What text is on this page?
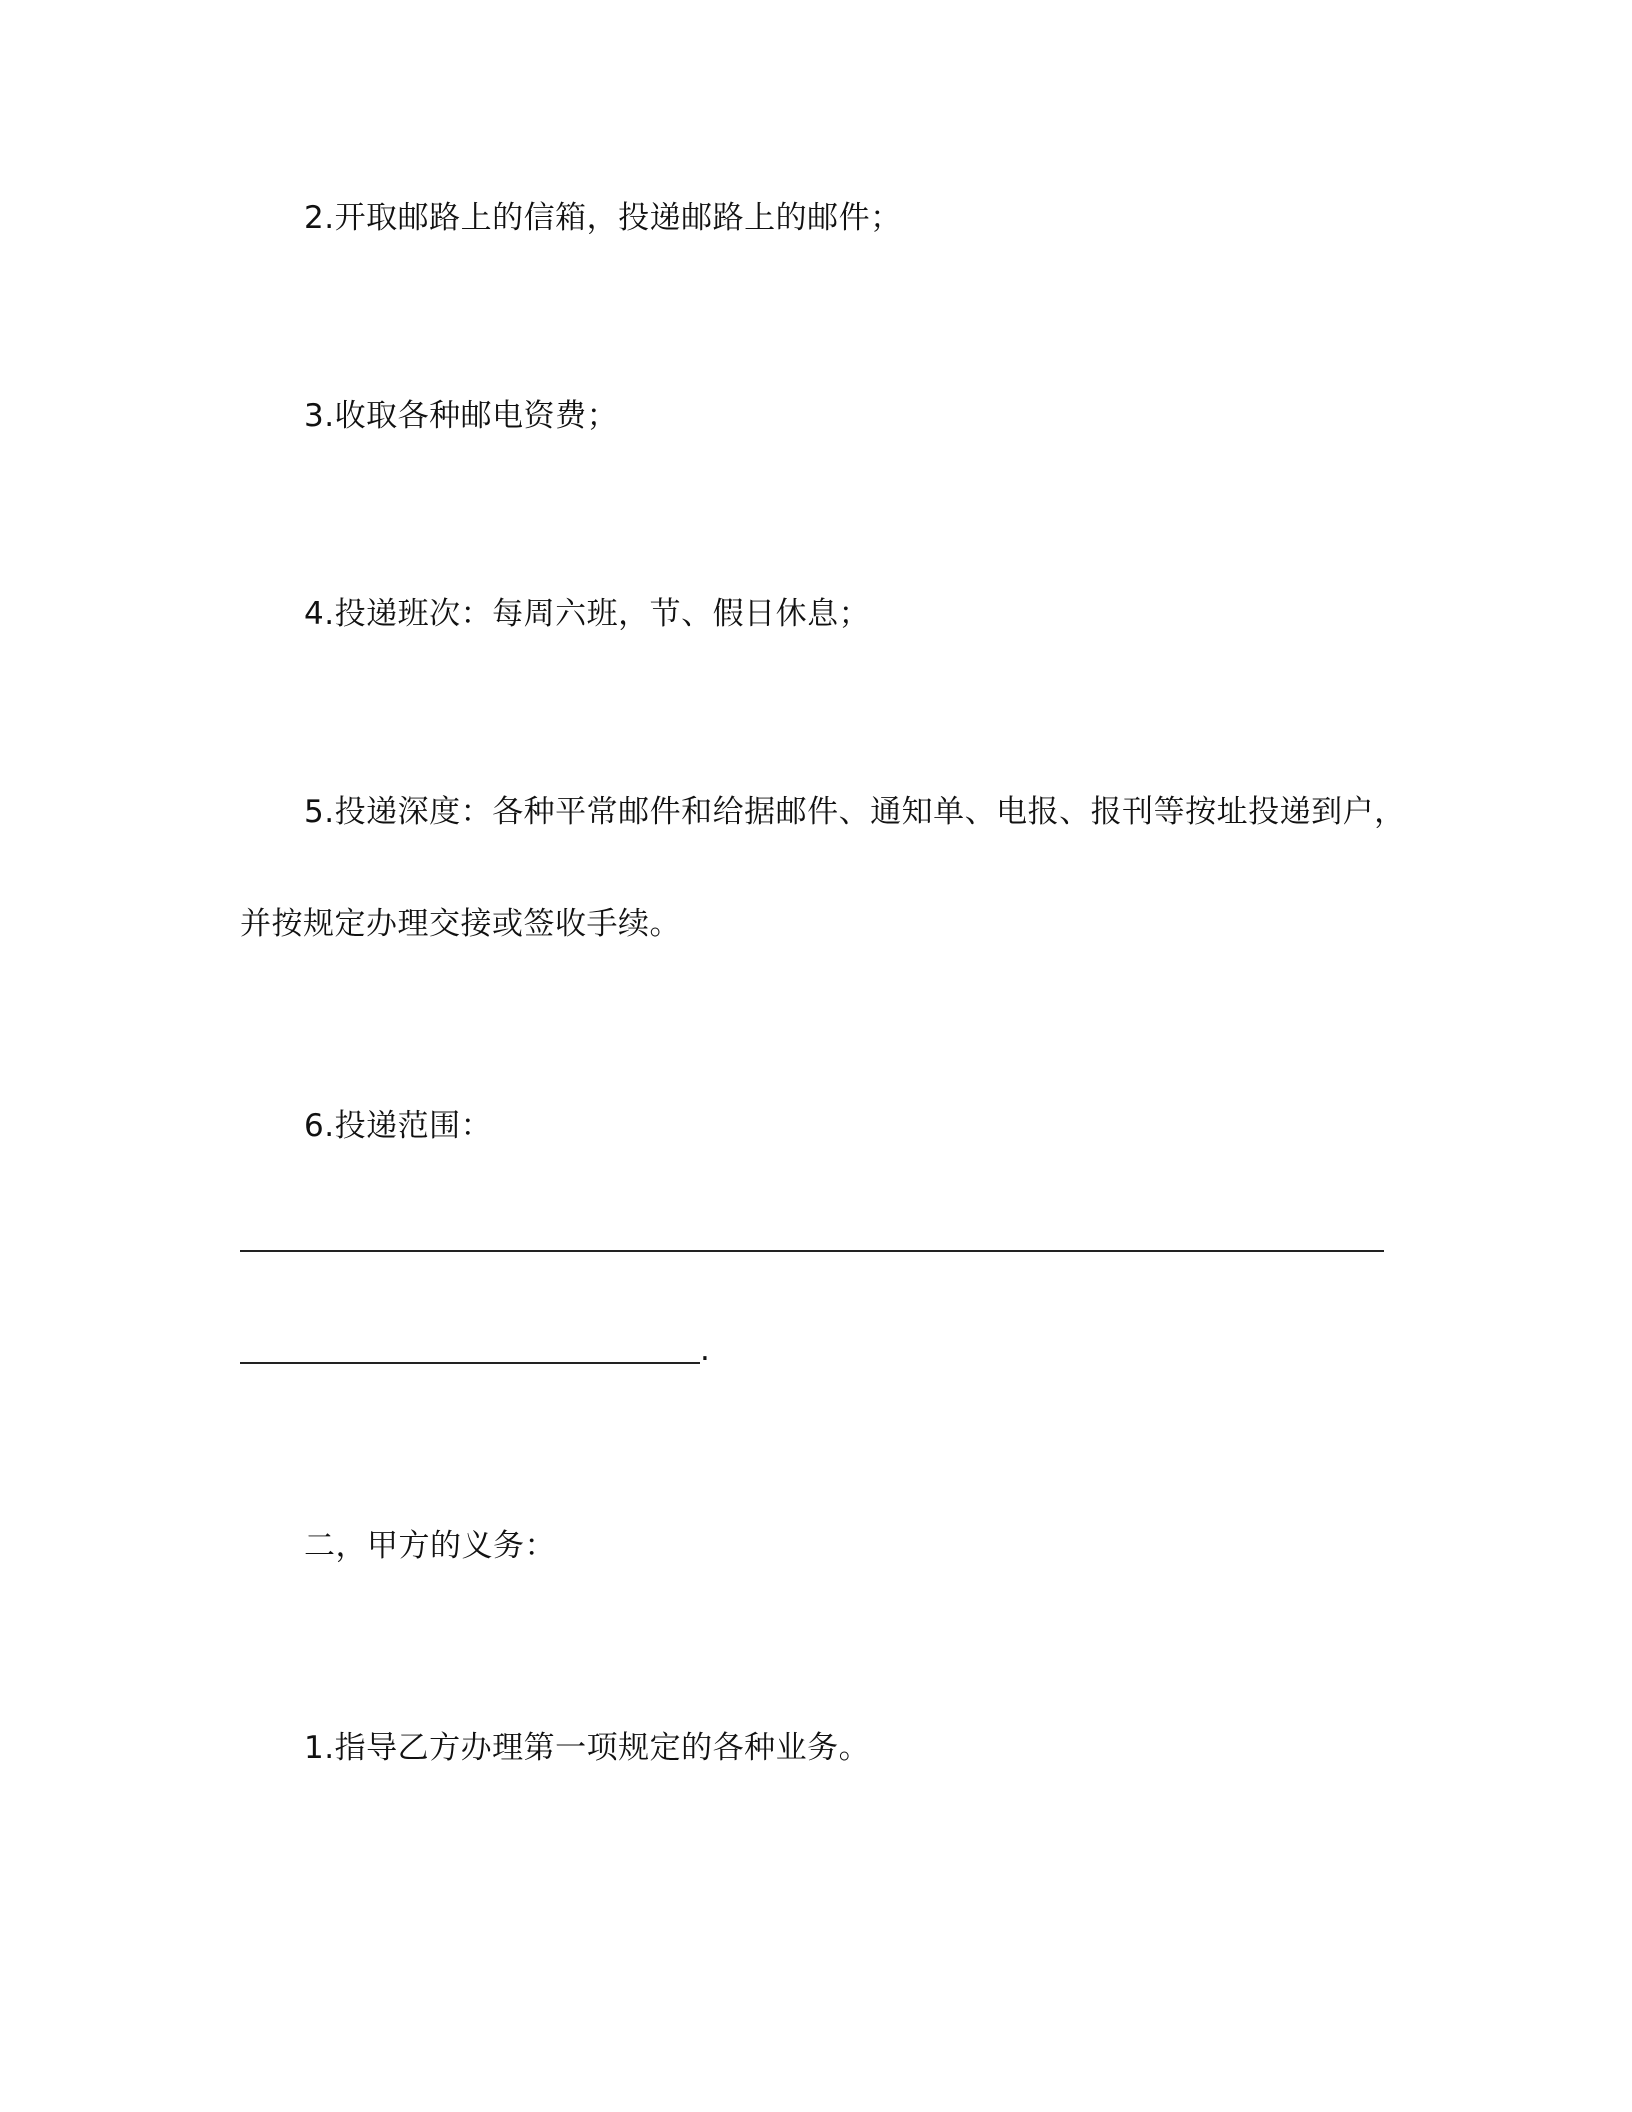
2.开取邮路上的信箱，投递邮路上的邮件；
3.收取各种邮电资费；
4.投递班次：每周六班，节、假日休息；
5.投递深度：各种平常邮件和给据邮件、通知单、电报、报刊等按址投递到户，
并按规定办理交接或签收手续。
6.投递范围：
.
二，甲方的义务：
1.指导乙方办理第一项规定的各种业务。
